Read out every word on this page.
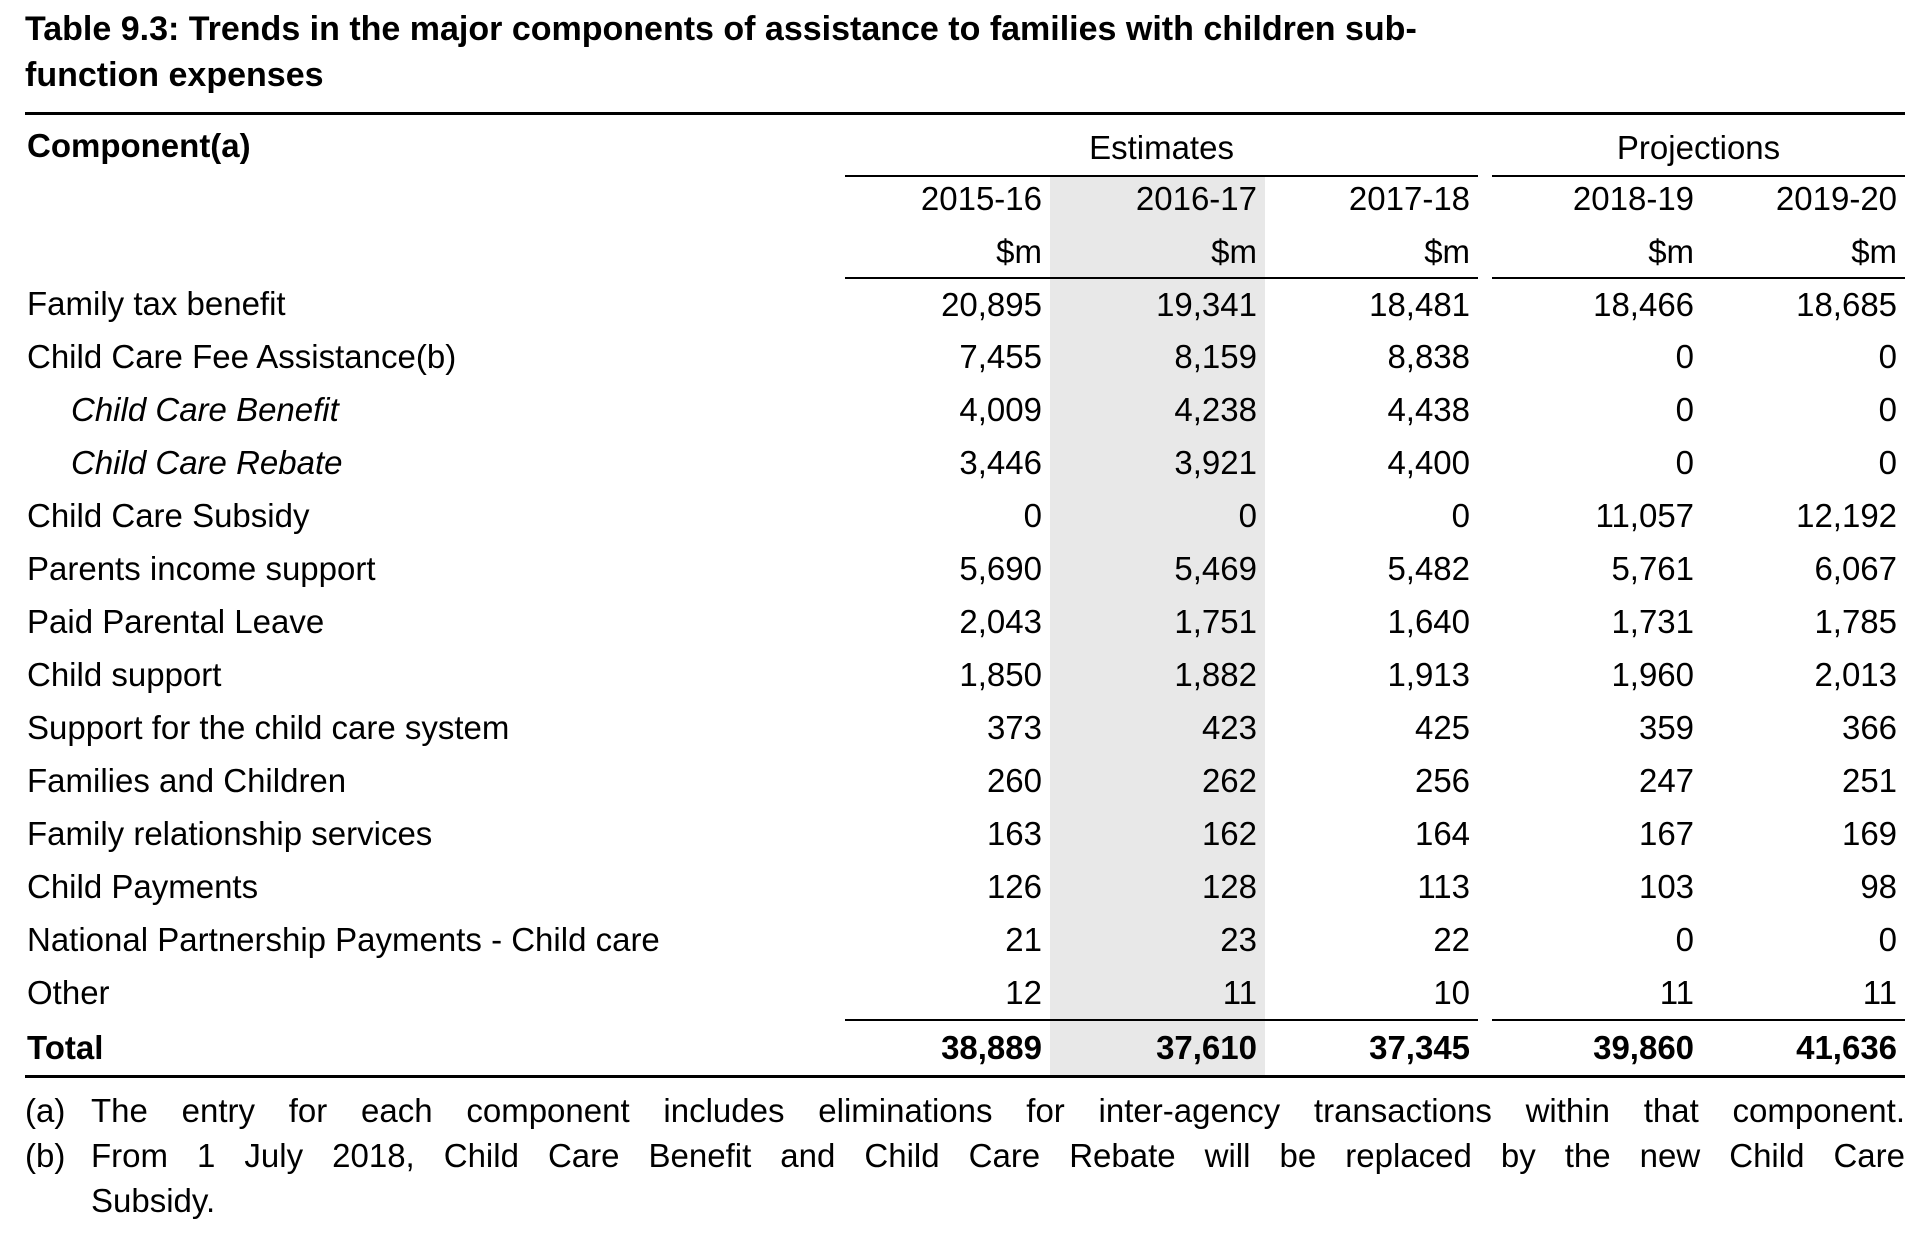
Table 9.3: Trends in the major components of assistance to families with children sub-function expenses
Component(a)	Estimates				Projections	
	2015-16	2016-17	2017-18		2018-19	2019-20
	$m	$m	$m		$m	$m
Family tax benefit	20,895	19,341	18,481		18,466	18,685
Child Care Fee Assistance(b)	7,455	8,159	8,838		0	0
Child Care Benefit	4,009	4,238	4,438		0	0
Child Care Rebate	3,446	3,921	4,400		0	0
Child Care Subsidy	0	0	0		11,057	12,192
Parents income support	5,690	5,469	5,482		5,761	6,067
Paid Parental Leave	2,043	1,751	1,640		1,731	1,785
Child support	1,850	1,882	1,913		1,960	2,013
Support for the child care system	373	423	425		359	366
Families and Children	260	262	256		247	251
Family relationship services	163	162	164		167	169
Child Payments	126	128	113		103	98
National Partnership Payments - Child care	21	23	22		0	0
Other	12	11	10		11	11
Total	38,889	37,610	37,345		39,860	41,636
(a) The entry for each component includes eliminations for inter-agency transactions within that component.
(b) From 1 July 2018, Child Care Benefit and Child Care Rebate will be replaced by the new Child Care
Subsidy.
